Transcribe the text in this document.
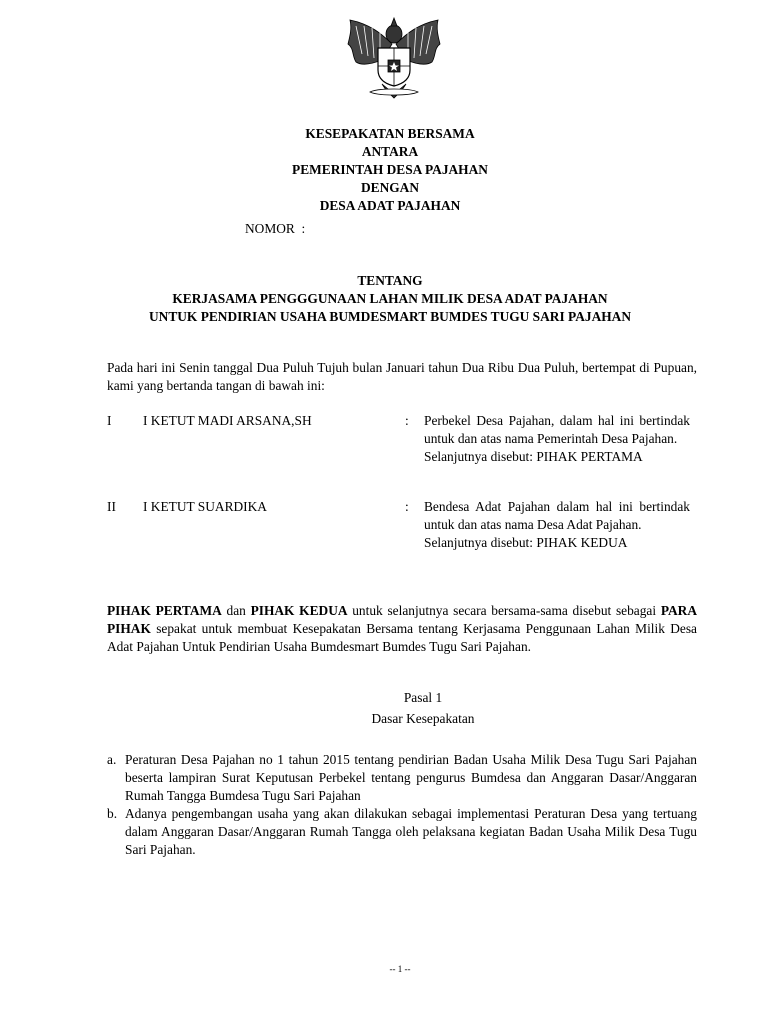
KESEPAKATAN BERSAMA
ANTARA
PEMERINTAH DESA PAJAHAN
DENGAN
DESA ADAT PAJAHAN
NOMOR  :
TENTANG
KERJASAMA PENGGGUNAAN LAHAN MILIK DESA ADAT PAJAHAN
UNTUK PENDIRIAN USAHA BUMDESMART BUMDES TUGU SARI PAJAHAN
Pada hari ini Senin tanggal Dua Puluh Tujuh bulan Januari tahun Dua Ribu Dua Puluh, bertempat di Pupuan, kami yang bertanda tangan di bawah ini:
I I KETUT MADI ARSANA,SH	: Perbekel Desa Pajahan, dalam hal ini bertindak untuk dan atas nama Pemerintah Desa Pajahan.
Selanjutnya disebut: PIHAK PERTAMA
II I KETUT SUARDIKA	: Bendesa Adat Pajahan dalam hal ini bertindak untuk dan atas nama Desa Adat Pajahan.
Selanjutnya disebut: PIHAK KEDUA
PIHAK PERTAMA dan PIHAK KEDUA untuk selanjutnya secara bersama-sama disebut sebagai PARA PIHAK sepakat untuk membuat Kesepakatan Bersama tentang Kerjasama Penggunaan Lahan Milik Desa Adat Pajahan Untuk Pendirian Usaha Bumdesmart Bumdes Tugu Sari Pajahan.
Pasal 1
Dasar Kesepakatan
a. Peraturan Desa Pajahan no 1 tahun 2015 tentang pendirian Badan Usaha Milik Desa Tugu Sari Pajahan beserta lampiran Surat Keputusan Perbekel tentang pengurus Bumdesa dan Anggaran Dasar/Anggaran Rumah Tangga Bumdesa Tugu Sari Pajahan
b. Adanya pengembangan usaha yang akan dilakukan sebagai implementasi Peraturan Desa yang tertuang dalam Anggaran Dasar/Anggaran Rumah Tangga oleh pelaksana kegiatan Badan Usaha Milik Desa Tugu Sari Pajahan.
-- 1 --
